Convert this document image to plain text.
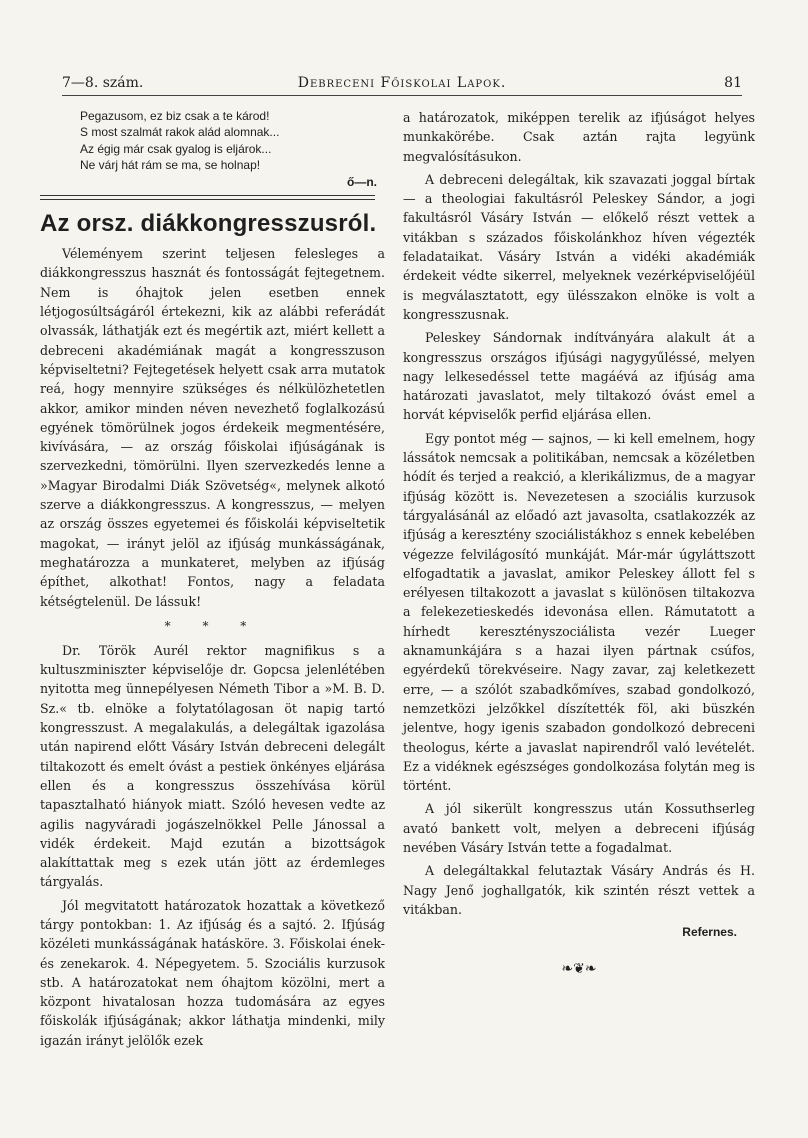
7—8. szám.	Debreceni Főiskolai Lapok.	81

Pegazusom, ez biz csak a te károd!

S most szalmát rakok alád alomnak...

Az égig már csak gyalog is eljárok...

Ne várj hát rám se ma, se holnap!

ő—n.
Az orsz. diákkongresszusról.

Véleményem szerint teljesen felesleges a diákkongresszus hasznát és fontosságát fejtegetnem. Nem is óhajtok jelen esetben ennek létjogosúltságáról értekezni, kik az alábbi referádát olvassák, láthatják ezt és megértik azt, miért kellett a debreceni akadémiának magát a kongresszuson képviseltetni? Fejtegetések helyett csak arra mutatok reá, hogy mennyire szükséges és nélkülözhetetlen akkor, amikor minden néven nevezhető foglalkozású egyének tömörülnek jogos érdekeik megmentésére, kivívására, — az ország főiskolai ifjúságának is szervezkedni, tömörülni. Ilyen szervezkedés lenne a »Magyar Birodalmi Diák Szövetség«, melynek alkotó szerve a diákkongresszus. A kongresszus, — melyen az ország összes egyetemei és főiskolái képviseltetik magokat, — irányt jelöl az ifjúság munkásságának, meghatározza a munkateret, melyben az ifjúság építhet, alkothat! Fontos, nagy a feladata kétségtelenül. De lássuk!

* * *

Dr. Török Aurél rektor magnifikus s a kultuszminiszter képviselője dr. Gopcsa jelenlétében nyitotta meg ünnepélyesen Németh Tibor a »M. B. D. Sz.« tb. elnöke a folytatólagosan öt napig tartó kongresszust. A megalakulás, a delegáltak igazolása után napirend előtt Vásáry István debreceni delegált tiltakozott és emelt óvást a pestiek önkényes eljárása ellen és a kongresszus összehívása körül tapasztalható hiányok miatt. Szóló hevesen vedte az agilis nagyváradi jogászelnökkel Pelle Jánossal a vidék érdekeit. Majd ezután a bizottságok alakíttattak meg s ezek után jött az érdemleges tárgyalás.

Jól megvitatott határozatok hozattak a következő tárgy pontokban: 1. Az ifjúság és a sajtó. 2. Ifjúság közéleti munkásságának hatásköre. 3. Főiskolai ének- és zenekarok. 4. Népegyetem. 5. Szociális kurzusok stb. A határozatokat nem óhajtom közölni, mert a központ hivatalosan hozza tudomására az egyes főiskolák ifjúságának; akkor láthatja mindenki, mily igazán irányt jelölők ezek

a határozatok, miképpen terelik az ifjúságot helyes munkakörébe. Csak aztán rajta legyünk megvalósításukon.

A debreceni delegáltak, kik szavazati joggal bírtak — a theologiai fakultásról Peleskey Sándor, a jogi fakultásról Vásáry István — előkelő részt vettek a vitákban s százados főiskolánkhoz híven végezték feladataikat. Vásáry István a vidéki akadémiák érdekeit védte sikerrel, melyeknek vezérképviselőjéül is megválasztatott, egy ülésszakon elnöke is volt a kongresszusnak.

Peleskey Sándornak indítványára alakult át a kongresszus országos ifjúsági nagygyűléssé, melyen nagy lelkesedéssel tette magáévá az ifjúság ama határozati javaslatot, mely tiltakozó óvást emel a horvát képviselők perfid eljárása ellen.

Egy pontot még — sajnos, — ki kell emelnem, hogy lássátok nemcsak a politikában, nemcsak a közéletben hódít és terjed a reakció, a klerikálizmus, de a magyar ifjúság között is. Nevezetesen a szociális kurzusok tárgyalásánál az előadó azt javasolta, csatlakozzék az ifjúság a keresztény szociálistákhoz s ennek kebelében végezze felvilágosító munkáját. Már-már úgyláttszott elfogadtatik a javaslat, amikor Peleskey állott fel s erélyesen tiltakozott a javaslat s különösen tiltakozva a felekezetieskedés idevonása ellen. Rámutatott a hírhedt keresztényszociálista vezér Lueger aknamunkájára s a hazai ilyen pártnak csúfos, egyérdekű törekvéseire. Nagy zavar, zaj keletkezett erre, — a szólót szabadkőmíves, szabad gondolkozó, nemzetközi jelzőkkel díszítették föl, aki büszkén jelentve, hogy igenis szabadon gondolkozó debreceni theologus, kérte a javaslat napirendről való levételét. Ez a vidéknek egészséges gondolkozása folytán meg is történt.

A jól sikerült kongresszus után Kossuthserleg avató bankett volt, melyen a debreceni ifjúság nevében Vásáry István tette a fogadalmat.

A delegáltakkal felutaztak Vásáry András és H. Nagy Jenő joghallgatók, kik szintén részt vettek a vitákban.

Refernes.
❧❦❧
